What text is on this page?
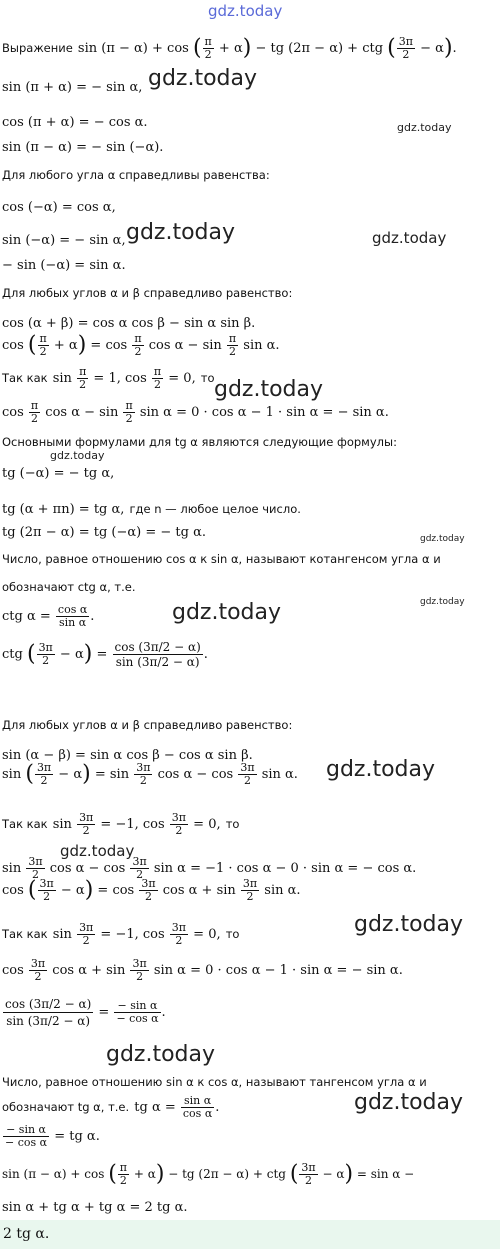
gdz.today
Выражение sin (π − α) + cos ( $\frac{\pi}{2} + \alpha$) − tg (2π − α) + ctg ( $\frac{3\pi}{2} - \alpha$).
sin (π + α) = − sin α, gdz.today
cos (π + α) = − cos α.	gdz.today
sin (π − α) = − sin (−α).
Для любого угла α справедливы равенства:
cos (−α) = cos α,
sin (−α) = − sin α, gdz.today	gdz.today
− sin (−α) = sin α.
Для любых углов α и β справедливо равенство:
cos (α + β) = cos α cos β − sin α sin β.
cos ( $\frac{\pi}{2} + \alpha) = \cos \frac{\pi}{2}$ $\cos \alpha - \sin \frac{\pi}{2}$ sin α.
Так как $\sin \frac{\pi}{2} = 1$, $\cos \frac{\pi}{2} = 0$, то gdz.today
$\cos \frac{\pi}{2}$ $\cos \alpha - \sin \frac{\pi}{2}$ sin α = 0 · cos α − 1 · sin α = − sin α.
Основными формулами для tg α являются следующие формулы:
gdz.today
tg (−α) = − tg α,
tg (α + πn) = tg α, где n — любое целое число.
tg (2π − α) = tg (−α) = − tg α.	gdz.today
Число, равное отношению cos α к sin α, называют котангенсом угла α и
обозначают ctg α, т.е.
gdz.today
ctg $\alpha = \frac{\text{cos α}}{\text{sin α}}$ .	gdz.today
ctg ( $\frac{3\pi}{2} - \alpha) = \frac{\cos (3\pi/2 - \alpha)}{\sin (3\pi/2 - \alpha)}$ .
Для любых углов α и β справедливо равенство:
sin (α − β) = sin α cos β − cos α sin β.
gdz.today
sin ( $\frac{3\pi}{2} - \alpha) = \sin \frac{3\pi}{2}$ $\cos \alpha - \cos \frac{3\pi}{2}$ sin α.
Так как $\sin \frac{3\pi}{2} = -1$, $\cos \frac{3\pi}{2} = 0$, то
$\sin \frac{3\pi}{2}$ $\cos \alpha - \cos \frac{3\pi}{2}$ sin α = −1 · cos α − 0 · sin α = − cos α.
gdz.today
cos ( $\frac{3\pi}{2} - \alpha) = \cos \frac{3\pi}{2}$ $\cos \alpha + \sin \frac{3\pi}{2}$ sin α.
gdz.today
Так как $\sin \frac{3\pi}{2} = -1$, $\cos \frac{3\pi}{2} = 0$, то
$\cos \frac{3\pi}{2}$ $\cos \alpha + \sin \frac{3\pi}{2}$ sin α = 0 · cos α − 1 · sin α = − sin α.
$\frac{\cos (3\pi/2 - \alpha)}{\sin (3\pi/2 - \alpha)} = \frac{\text{− sin α}}{\text{− cos α}}$ .
gdz.today
Число, равное отношению sin α к cos α, называют тангенсом угла α и
gdz.today
обозначают tg α, т.е. tg $\alpha = \frac{\text{sin α}}{\text{cos α}}$ .
$\frac{\text{− sin α}}{\text{− cos α}}$ = tg α.
sin (π − α) + cos ( $\frac{\pi}{2} + \alpha$) − tg (2π − α) + ctg ( $\frac{3\pi}{2} - \alpha) = \sin \alpha$ −
sin α + tg α + tg α = 2 tg α.
2 tg α.
